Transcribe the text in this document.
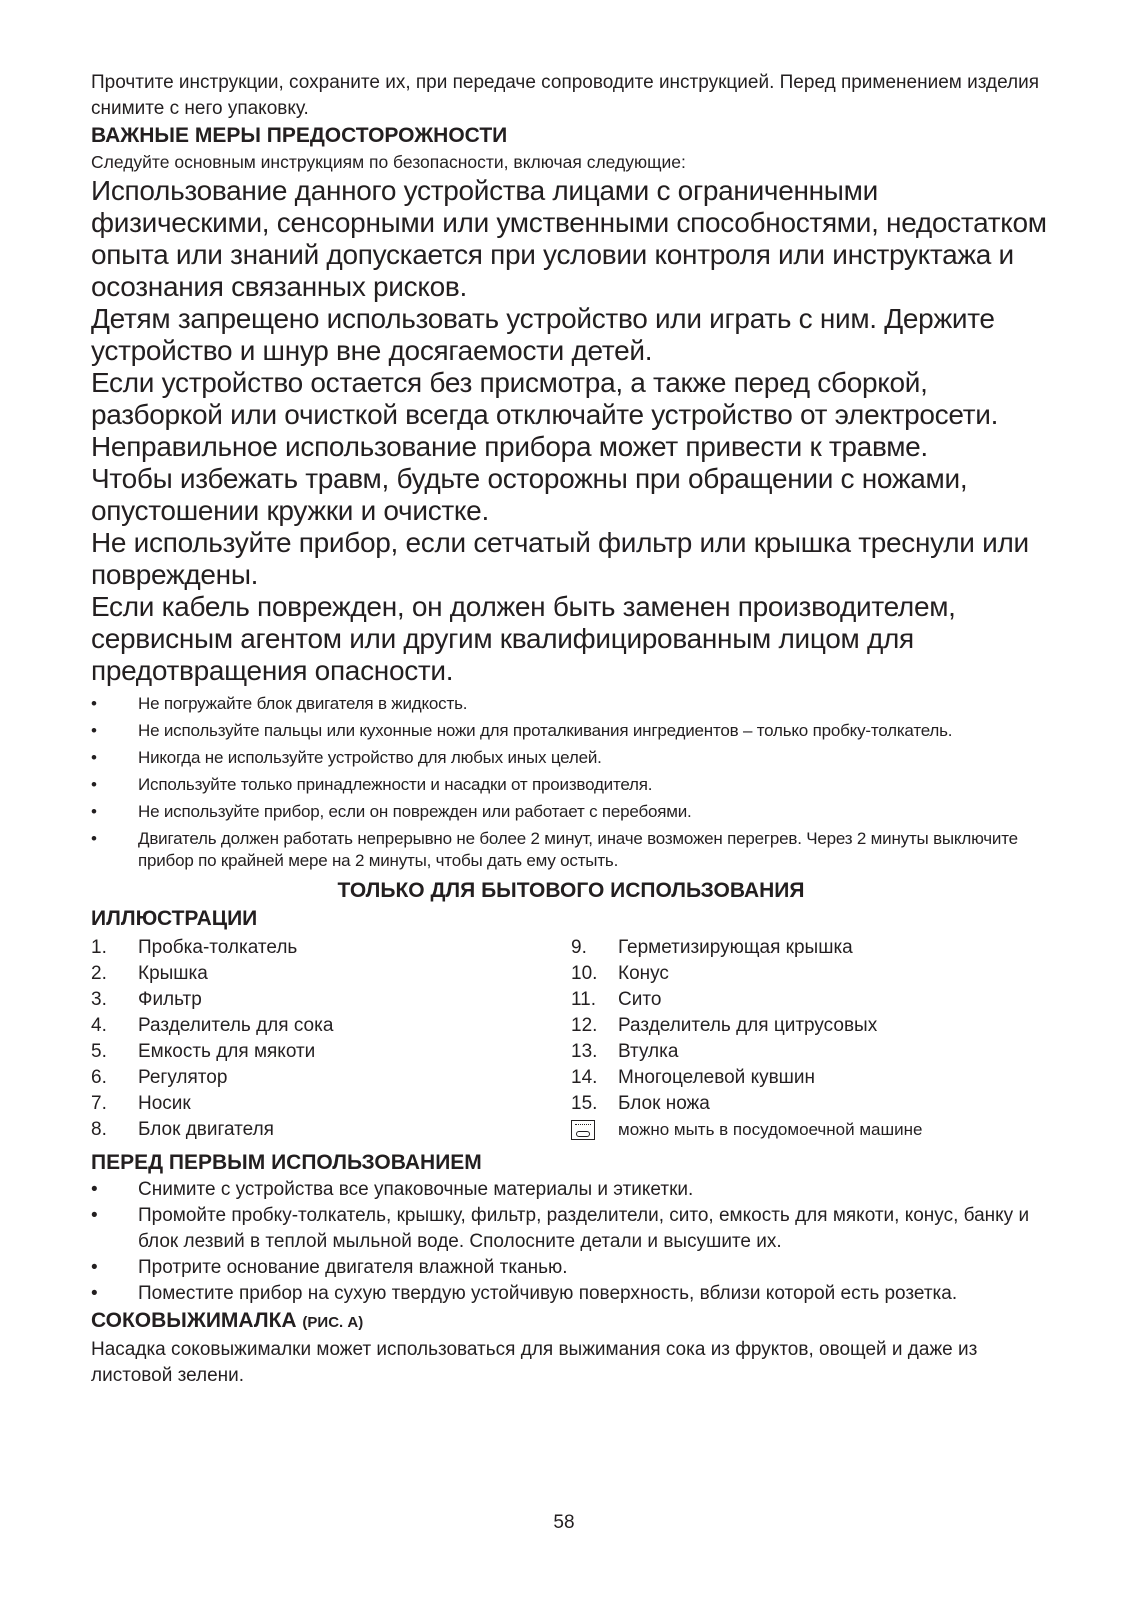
Прочтите инструкции, сохраните их, при передаче сопроводите инструкцией. Перед применением изделия снимите с него упаковку.

ВАЖНЫЕ МЕРЫ ПРЕДОСТОРОЖНОСТИ

Следуйте основным инструкциям по безопасности, включая следующие:

Использование данного устройства лицами с ограниченными физическими, сенсорными или умственными способностями, недостатком опыта или знаний допускается при условии контроля или инструктажа и осознания связанных рисков.

Детям запрещено использовать устройство или играть с ним. Держите устройство и шнур вне досягаемости детей.

Если устройство остается без присмотра, а также перед сборкой, разборкой или очисткой всегда отключайте устройство от электросети.

Неправильное использование прибора может привести к травме.

Чтобы избежать травм, будьте осторожны при обращении с ножами, опустошении кружки и очистке.

Не используйте прибор, если сетчатый фильтр или крышка треснули или повреждены.

Если кабель поврежден, он должен быть заменен производителем, сервисным агентом или другим квалифицированным лицом для предотвращения опасности.

• Не погружайте блок двигателя в жидкость.
• Не используйте пальцы или кухонные ножи для проталкивания ингредиентов – только пробку-толкатель.
• Никогда не используйте устройство для любых иных целей.
• Используйте только принадлежности и насадки от производителя.
• Не используйте прибор, если он поврежден или работает с перебоями.
• Двигатель должен работать непрерывно не более 2 минут, иначе возможен перегрев. Через 2 минуты выключите прибор по крайней мере на 2 минуты, чтобы дать ему остыть.
ТОЛЬКО ДЛЯ БЫТОВОГО ИСПОЛЬЗОВАНИЯ
ИЛЛЮСТРАЦИИ
1.	Пробка-толкатель
2.	Крышка
3.	Фильтр
4.	Разделитель для сока
5.	Емкость для мякоти
6.	Регулятор
7.	Носик
8.	Блок двигателя
9.	Герметизирующая крышка
10.	Конус
11.	Сито
12.	Разделитель для цитрусовых
13.	Втулка
14.	Многоцелевой кувшин
15.	Блок ножа
можно мыть в посудомоечной машине
ПЕРЕД ПЕРВЫМ ИСПОЛЬЗОВАНИЕМ
• Снимите с устройства все упаковочные материалы и этикетки.
• Промойте пробку-толкатель, крышку, фильтр, разделители, сито, емкость для мякоти, конус, банку и блок лезвий в теплой мыльной воде. Сполосните детали и высушите их.
• Протрите основание двигателя влажной тканью.
• Поместите прибор на сухую твердую устойчивую поверхность, вблизи которой есть розетка.
СОКОВЫЖИМАЛКА (РИС. A)

Насадка соковыжималки может использоваться для выжимания сока из фруктов, овощей и даже из листовой зелени.

58
